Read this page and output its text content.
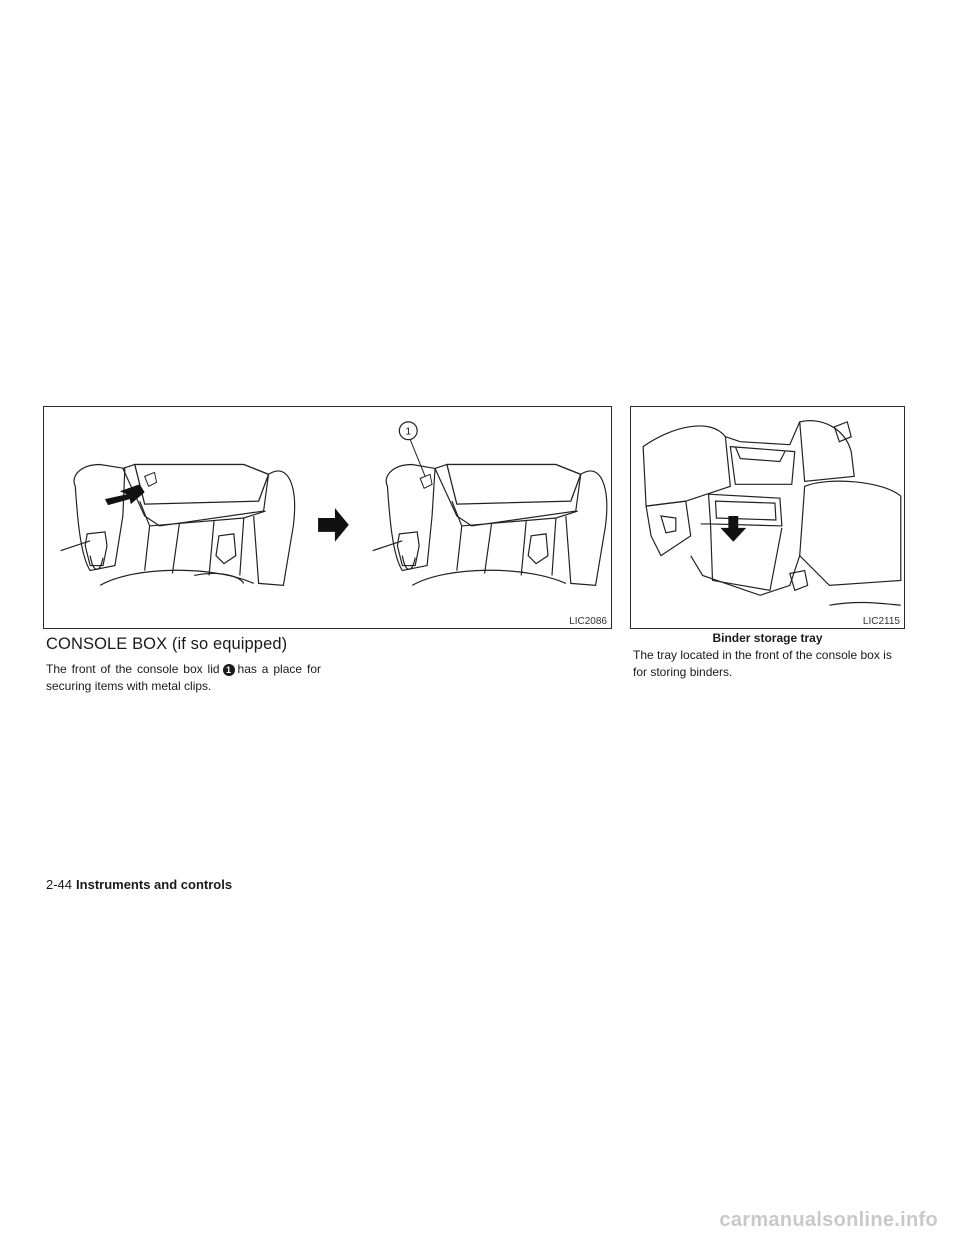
1
LIC2086	LIC2115
Binder storage tray
CONSOLE BOX (if so equipped)
The front of the console box lid 1 has a place for securing items with metal clips.
The tray located in the front of the console box is for storing binders.
2-44 Instruments and controls
carmanualsonline.info
